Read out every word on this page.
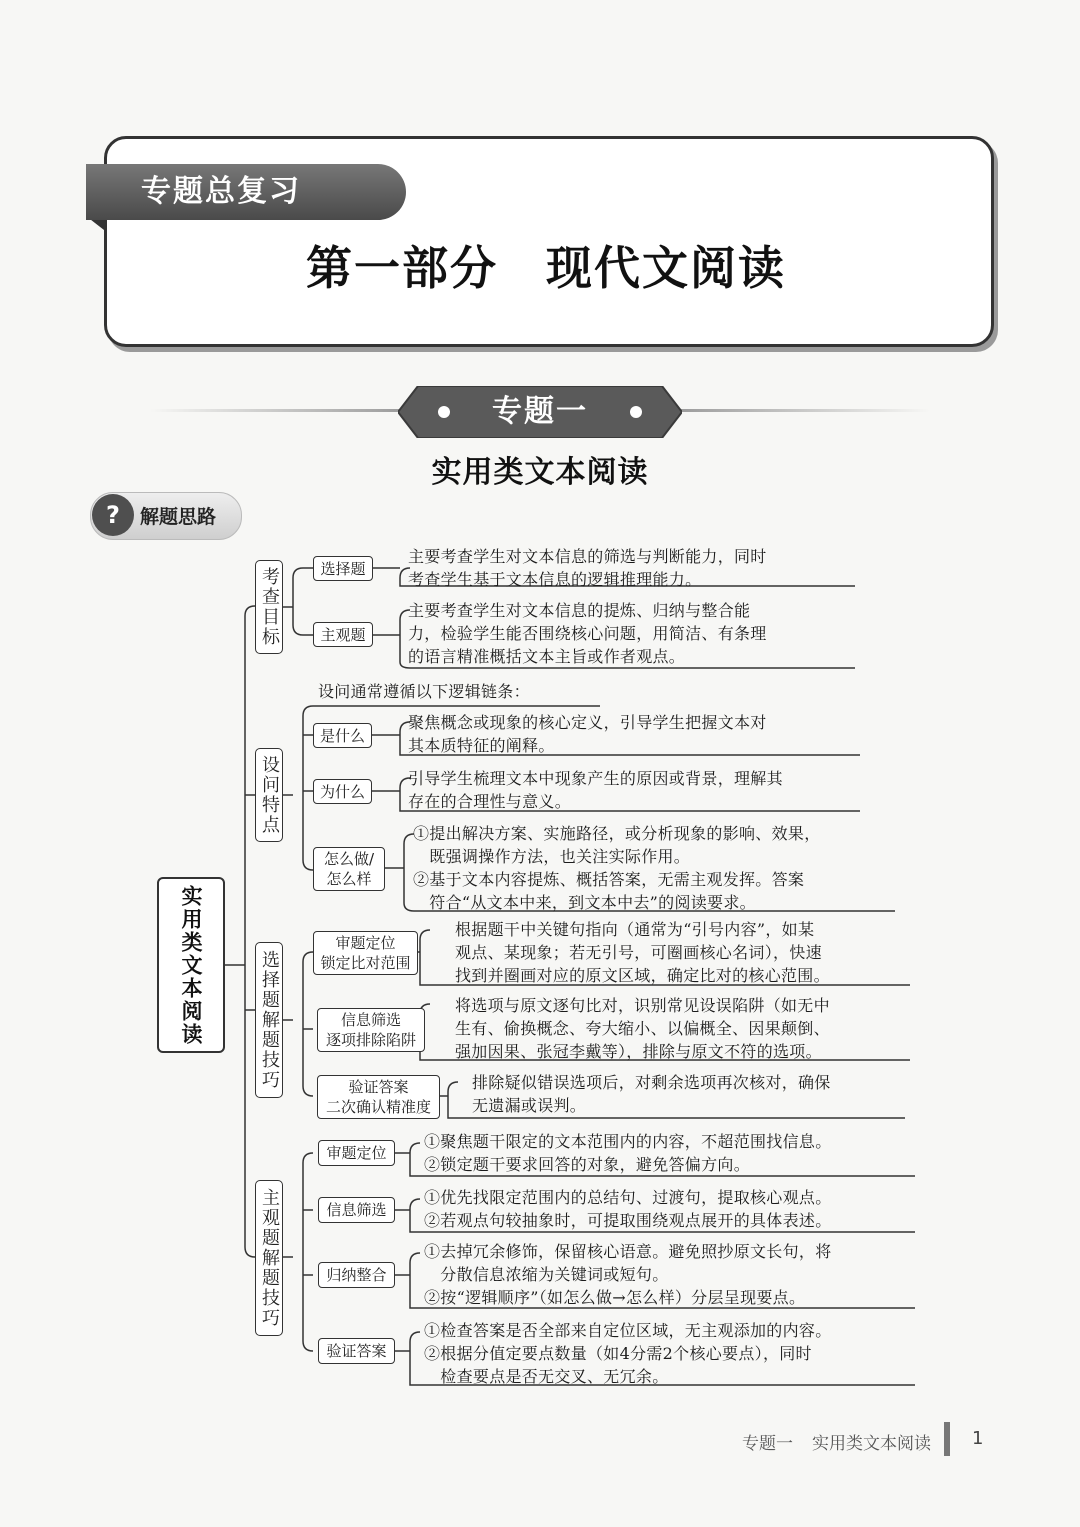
专题总复习
第一部分　现代文阅读
专题一
实用类文本阅读
?	解题思路
实用类文本阅读
考查目标
设问特点
选择题解题技巧
主观题解题技巧
选择题
主要考查学生对文本信息的筛选与判断能力，同时
考查学生基于文本信息的逻辑推理能力。
主观题
主要考查学生对文本信息的提炼、归纳与整合能
力，检验学生能否围绕核心问题，用简洁、有条理
的语言精准概括文本主旨或作者观点。
设问通常遵循以下逻辑链条：
是什么
聚焦概念或现象的核心定义，引导学生把握文本对
其本质特征的阐释。
为什么
引导学生梳理文本中现象产生的原因或背景，理解其
存在的合理性与意义。
怎么做/
怎么样
①提出解决方案、实施路径，或分析现象的影响、效果，
　既强调操作方法，也关注实际作用。
②基于文本内容提炼、概括答案，无需主观发挥。答案
　符合“从文本中来，到文本中去”的阅读要求。
审题定位
锁定比对范围
根据题干中关键句指向（通常为“引号内容”，如某
观点、某现象；若无引号，可圈画核心名词），快速
找到并圈画对应的原文区域，确定比对的核心范围。
信息筛选
逐项排除陷阱
将选项与原文逐句比对，识别常见设误陷阱（如无中
生有、偷换概念、夸大缩小、以偏概全、因果颠倒、
强加因果、张冠李戴等），排除与原文不符的选项。
验证答案
二次确认精准度
排除疑似错误选项后，对剩余选项再次核对，确保
无遗漏或误判。
审题定位
①聚焦题干限定的文本范围内的内容，不超范围找信息。
②锁定题干要求回答的对象，避免答偏方向。
信息筛选
①优先找限定范围内的总结句、过渡句，提取核心观点。
②若观点句较抽象时，可提取围绕观点展开的具体表述。
归纳整合
①去掉冗余修饰，保留核心语意。避免照抄原文长句，将
　分散信息浓缩为关键词或短句。
②按“逻辑顺序”（如怎么做→怎么样）分层呈现要点。
验证答案
①检查答案是否全部来自定位区域，无主观添加的内容。
②根据分值定要点数量（如4分需2个核心要点），同时
　检查要点是否无交叉、无冗余。
专题一 实用类文本阅读 1
